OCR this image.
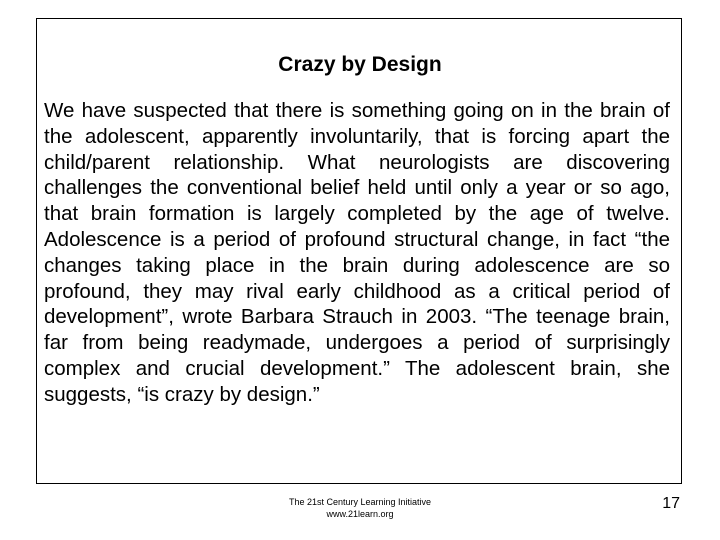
Crazy by Design

We have suspected that there is something going on in the brain of the adolescent, apparently involuntarily, that is forcing apart the child/parent relationship. What neurologists are discovering challenges the conventional belief held until only a year or so ago, that brain formation is largely completed by the age of twelve. Adolescence is a period of profound structural change, in fact “the changes taking place in the brain during adolescence are so profound, they may rival early childhood as a critical period of development”, wrote Barbara Strauch in 2003. “The teenage brain, far from being readymade, undergoes a period of surprisingly complex and crucial development.” The adolescent brain, she suggests, “is crazy by design.”

The 21st Century Learning Initiative
www.21learn.org
17
